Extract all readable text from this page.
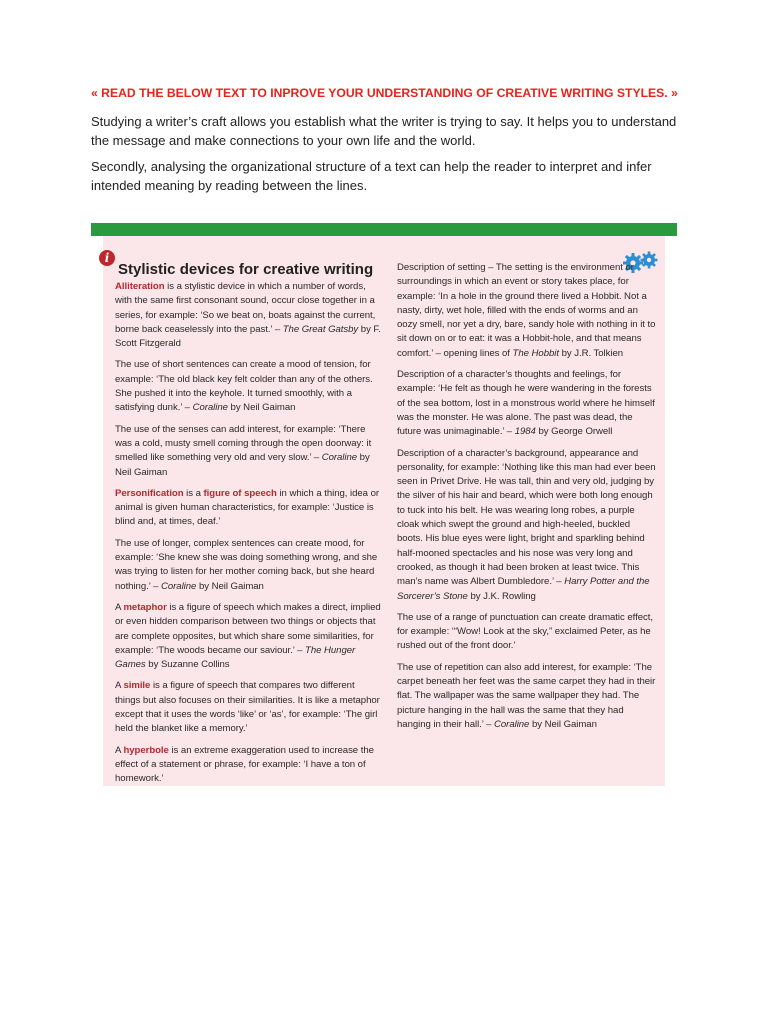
« READ THE BELOW TEXT TO INPROVE YOUR UNDERSTANDING OF CREATIVE WRITING STYLES. »
Studying a writer’s craft allows you establish what the writer is trying to say. It helps you to understand the message and make connections to your own life and the world.
Secondly, analysing the organizational structure of a text can help the reader to interpret and infer intended meaning by reading between the lines.
i
Stylistic devices for creative writing

Alliteration is a stylistic device in which a number of words, with the same first consonant sound, occur close together in a series, for example: ‘So we beat on, boats against the current, borne back ceaselessly into the past.’ – The Great Gatsby by F. Scott Fitzgerald

The use of short sentences can create a mood of tension, for example: ‘The old black key felt colder than any of the others. She pushed it into the keyhole. It turned smoothly, with a satisfying dunk.’ – Coraline by Neil Gaiman

The use of the senses can add interest, for example: ‘There was a cold, musty smell coming through the open doorway: it smelled like something very old and very slow.’ – Coraline by Neil Gaiman

Personification is a figure of speech in which a thing, idea or animal is given human characteristics, for example: ‘Justice is blind and, at times, deaf.’

The use of longer, complex sentences can create mood, for example: ‘She knew she was doing something wrong, and she was trying to listen for her mother coming back, but she heard nothing.’ – Coraline by Neil Gaiman

A metaphor is a figure of speech which makes a direct, implied or even hidden comparison between two things or objects that are complete opposites, but which share some similarities, for example: ‘The woods became our saviour.’ – The Hunger Games by Suzanne Collins

A simile is a figure of speech that compares two different things but also focuses on their similarities. It is like a metaphor except that it uses the words ‘like’ or ‘as’, for example: ‘The girl held the blanket like a memory.’

A hyperbole is an extreme exaggeration used to increase the effect of a statement or phrase, for example: ‘I have a ton of homework.’

Description of setting – The setting is the environment or surroundings in which an event or story takes place, for example: ‘In a hole in the ground there lived a Hobbit. Not a nasty, dirty, wet hole, filled with the ends of worms and an oozy smell, nor yet a dry, bare, sandy hole with nothing in it to sit down on or to eat: it was a Hobbit-hole, and that means comfort.’ – opening lines of The Hobbit by J.R. Tolkien

Description of a character’s thoughts and feelings, for example: ‘He felt as though he were wandering in the forests of the sea bottom, lost in a monstrous world where he himself was the monster. He was alone. The past was dead, the future was unimaginable.’ – 1984 by George Orwell

Description of a character’s background, appearance and personality, for example: ‘Nothing like this man had ever been seen in Privet Drive. He was tall, thin and very old, judging by the silver of his hair and beard, which were both long enough to tuck into his belt. He was wearing long robes, a purple cloak which swept the ground and high-heeled, buckled boots. His blue eyes were light, bright and sparkling behind half-mooned spectacles and his nose was very long and crooked, as though it had been broken at least twice. This man’s name was Albert Dumbledore.’ – Harry Potter and the Sorcerer’s Stone by J.K. Rowling

The use of a range of punctuation can create dramatic effect, for example: ‘“Wow! Look at the sky,” exclaimed Peter, as he rushed out of the front door.’

The use of repetition can also add interest, for example: ‘The carpet beneath her feet was the same carpet they had in their flat. The wallpaper was the same wallpaper they had. The picture hanging in the hall was the same that they had hanging in their hall.’ – Coraline by Neil Gaiman
